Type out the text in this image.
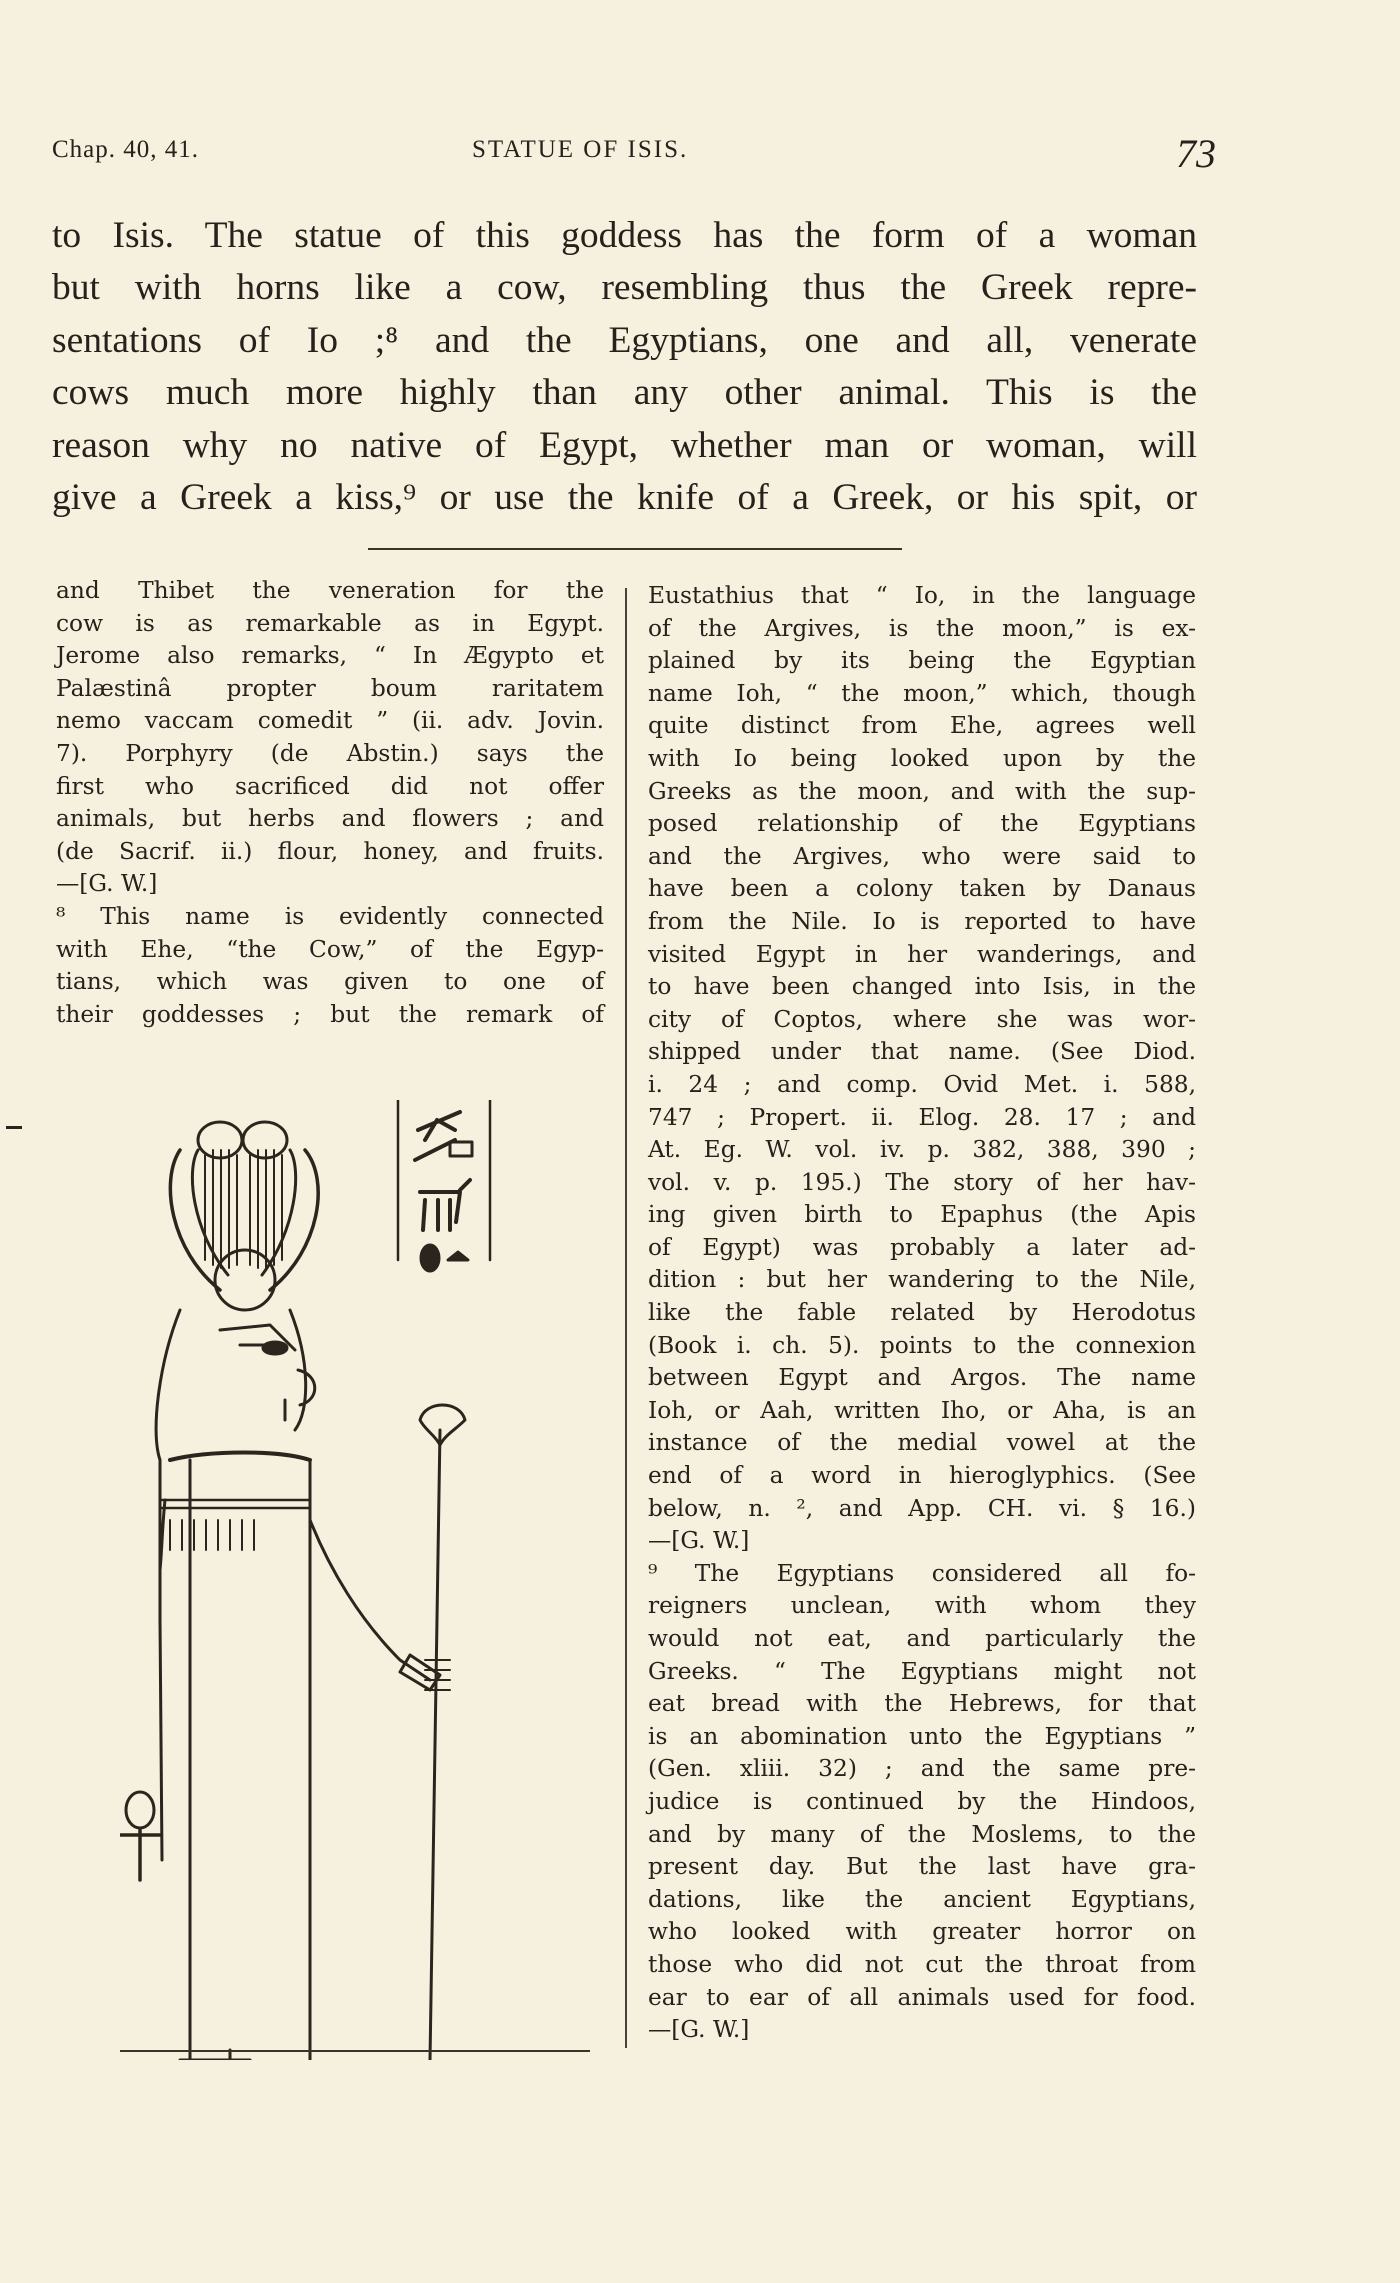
Chap. 40, 41.	STATUE OF ISIS.	73
to Isis. The statue of this goddess has the form of a woman
but with horns like a cow, resembling thus the Greek repre-
sentations of Io ;⁸ and the Egyptians, one and all, venerate
cows much more highly than any other animal. This is the
reason why no native of Egypt, whether man or woman, will
give a Greek a kiss,⁹ or use the knife of a Greek, or his spit, or
and Thibet the veneration for the
cow is as remarkable as in Egypt.
Jerome also remarks, “ In Ægypto et
Palæstinâ propter boum raritatem
nemo vaccam comedit ” (ii. adv. Jovin.
7). Porphyry (de Abstin.) says the
first who sacrificed did not offer
animals, but herbs and flowers ; and
(de Sacrif. ii.) flour, honey, and fruits.
—[G. W.]
⁸ This name is evidently connected
with Ehe, “the Cow,” of the Egyp-
tians, which was given to one of
their goddesses ; but the remark of
Eustathius that “ Io, in the language
of the Argives, is the moon,” is ex-
plained by its being the Egyptian
name Ioh, “ the moon,” which, though
quite distinct from Ehe, agrees well
with Io being looked upon by the
Greeks as the moon, and with the sup-
posed relationship of the Egyptians
and the Argives, who were said to
have been a colony taken by Danaus
from the Nile. Io is reported to have
visited Egypt in her wanderings, and
to have been changed into Isis, in the
city of Coptos, where she was wor-
shipped under that name. (See Diod.
i. 24 ; and comp. Ovid Met. i. 588,
747 ; Propert. ii. Elog. 28. 17 ; and
At. Eg. W. vol. iv. p. 382, 388, 390 ;
vol. v. p. 195.) The story of her hav-
ing given birth to Epaphus (the Apis
of Egypt) was probably a later ad-
dition : but her wandering to the Nile,
like the fable related by Herodotus
(Book i. ch. 5). points to the connexion
between Egypt and Argos. The name
Ioh, or Aah, written Iho, or Aha, is an
instance of the medial vowel at the
end of a word in hieroglyphics. (See
below, n. ², and App. CH. vi. § 16.)
—[G. W.]
⁹ The Egyptians considered all fo-
reigners unclean, with whom they
would not eat, and particularly the
Greeks. “ The Egyptians might not
eat bread with the Hebrews, for that
is an abomination unto the Egyptians ”
(Gen. xliii. 32) ; and the same pre-
judice is continued by the Hindoos,
and by many of the Moslems, to the
present day. But the last have gra-
dations, like the ancient Egyptians,
who looked with greater horror on
those who did not cut the throat from
ear to ear of all animals used for food.
—[G. W.]
